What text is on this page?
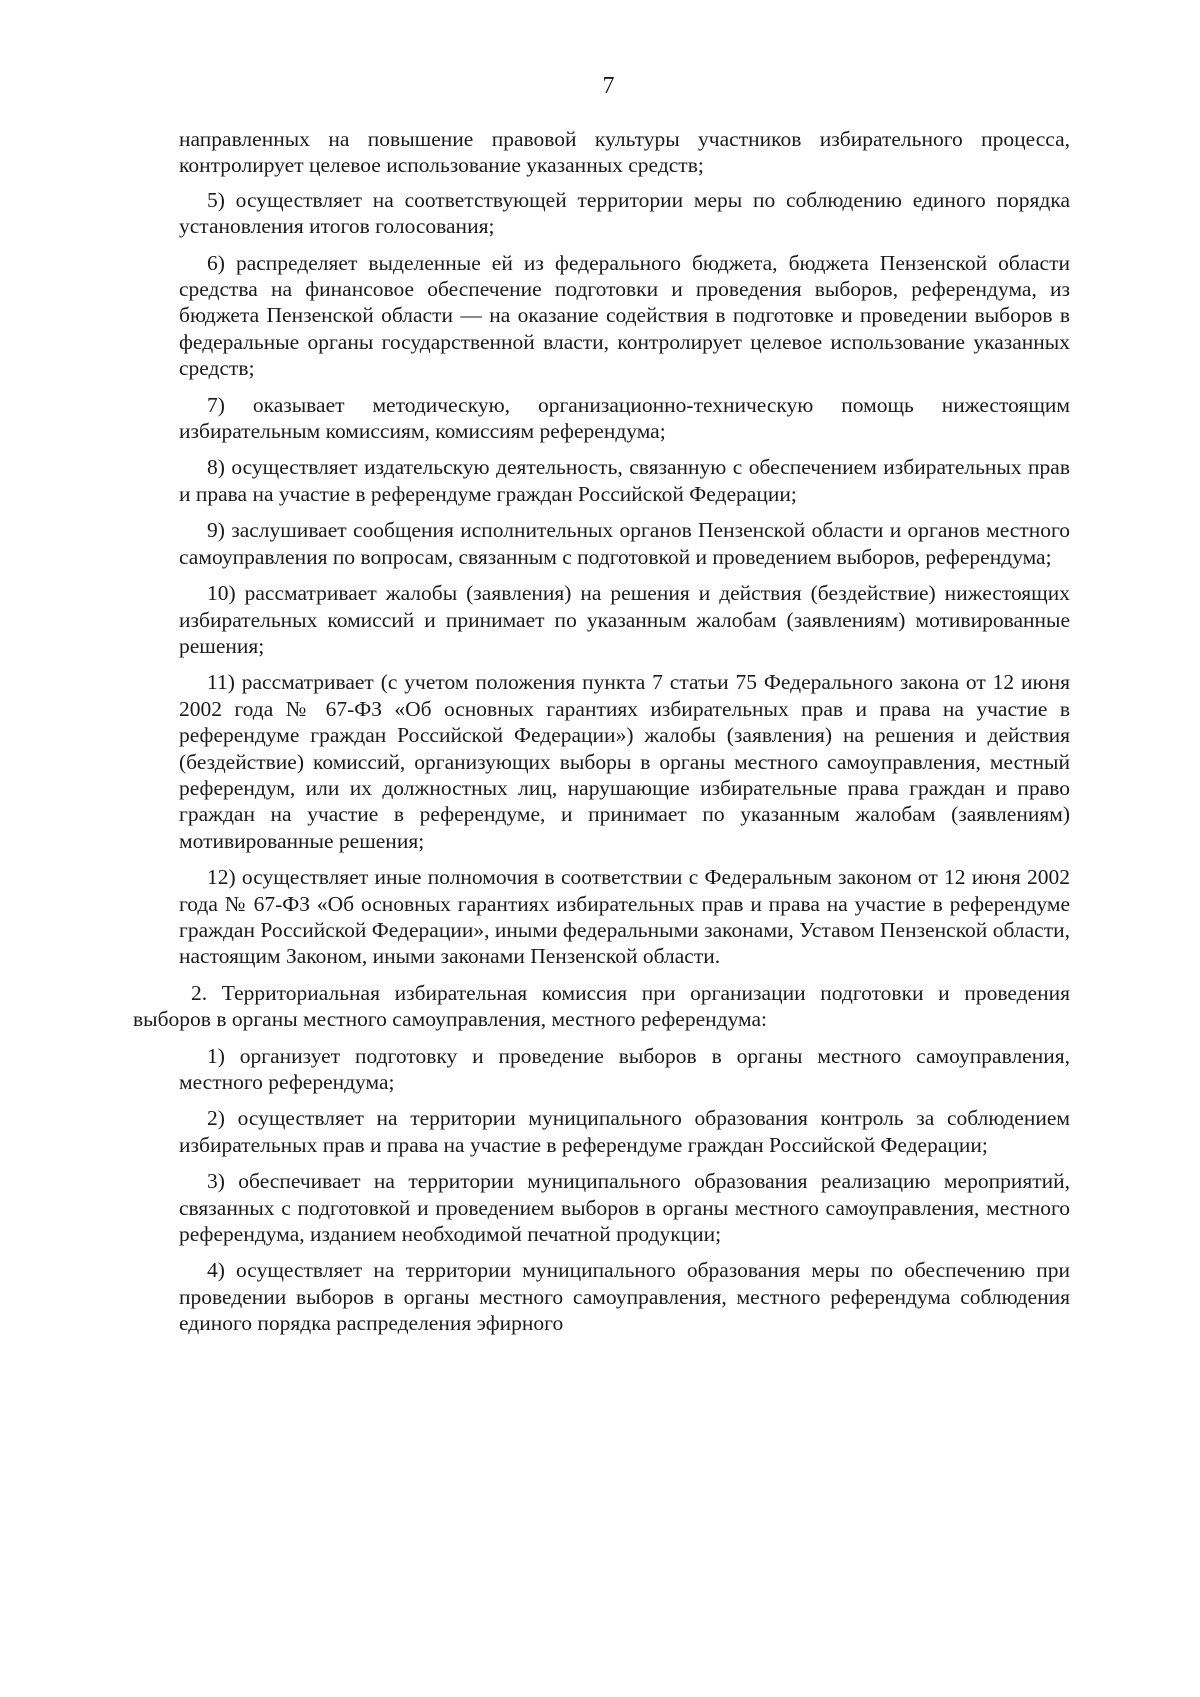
7

направленных на повышение правовой культуры участников избирательного процесса, контролирует целевое использование указанных средств;

5) осуществляет на соответствующей территории меры по соблюдению единого порядка установления итогов голосования;

6) распределяет выделенные ей из федерального бюджета, бюджета Пензенской области средства на финансовое обеспечение подготовки и проведения выборов, референдума, из бюджета Пензенской области — на оказание содействия в подготовке и проведении выборов в федеральные органы государственной власти, контролирует целевое использование указанных средств;

7) оказывает методическую, организационно-техническую помощь нижестоящим избирательным комиссиям, комиссиям референдума;

8) осуществляет издательскую деятельность, связанную с обеспечением избирательных прав и права на участие в референдуме граждан Российской Федерации;

9) заслушивает сообщения исполнительных органов Пензенской области и органов местного самоуправления по вопросам, связанным с подготовкой и проведением выборов, референдума;

10) рассматривает жалобы (заявления) на решения и действия (бездействие) нижестоящих избирательных комиссий и принимает по указанным жалобам (заявлениям) мотивированные решения;

11) рассматривает (с учетом положения пункта 7 статьи 75 Федерального закона от 12 июня 2002 года № 67-ФЗ «Об основных гарантиях избирательных прав и права на участие в референдуме граждан Российской Федерации») жалобы (заявления) на решения и действия (бездействие) комиссий, организующих выборы в органы местного самоуправления, местный референдум, или их должностных лиц, нарушающие избирательные права граждан и право граждан на участие в референдуме, и принимает по указанным жалобам (заявлениям) мотивированные решения;

12) осуществляет иные полномочия в соответствии с Федеральным законом от 12 июня 2002 года № 67-ФЗ «Об основных гарантиях избирательных прав и права на участие в референдуме граждан Российской Федерации», иными федеральными законами, Уставом Пензенской области, настоящим Законом, иными законами Пензенской области.

2. Территориальная избирательная комиссия при организации подготовки и проведения выборов в органы местного самоуправления, местного референдума:

1) организует подготовку и проведение выборов в органы местного самоуправления, местного референдума;

2) осуществляет на территории муниципального образования контроль за соблюдением избирательных прав и права на участие в референдуме граждан Российской Федерации;

3) обеспечивает на территории муниципального образования реализацию мероприятий, связанных с подготовкой и проведением выборов в органы местного самоуправления, местного референдума, изданием необходимой печатной продукции;

4) осуществляет на территории муниципального образования меры по обеспечению при проведении выборов в органы местного самоуправления, местного референдума соблюдения единого порядка распределения эфирного
